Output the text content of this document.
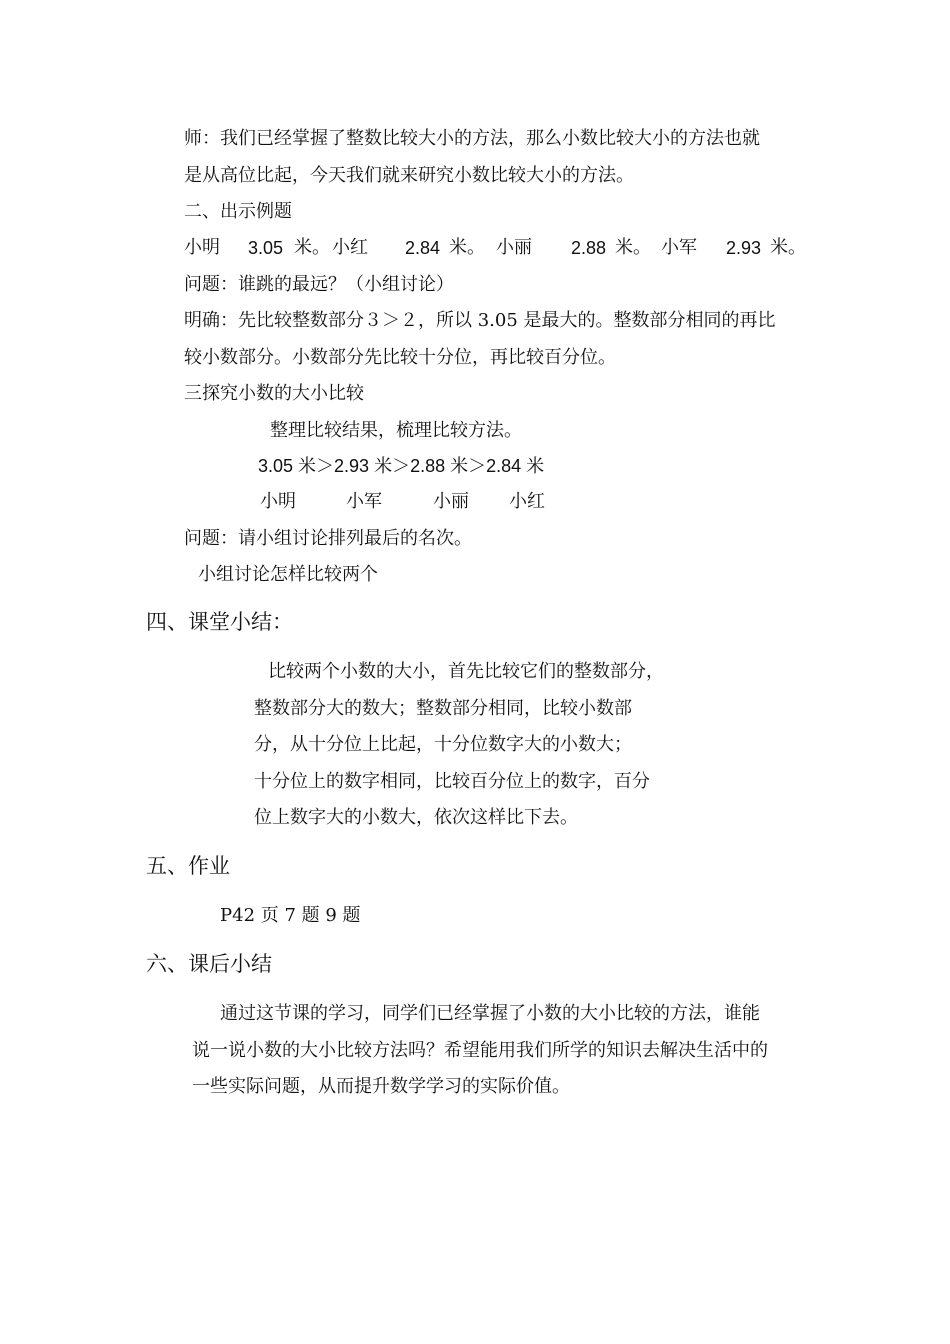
师：我们已经掌握了整数比较大小的方法，那么小数比较大小的方法也就
是从高位比起，今天我们就来研究小数比较大小的方法。
二、出示例题
小明 3.05 米。 小红 2.84 米。 小丽 2.88 米。 小军 2.93 米。
问题：谁跳的最远？（小组讨论）
明确：先比较整数部分３＞２，所以 3.05 是最大的。整数部分相同的再比
较小数部分。小数部分先比较十分位，再比较百分位。
三探究小数的大小比较
整理比较结果，梳理比较方法。
3.05 米＞2.93 米＞2.88 米＞2.84 米
小明	小军	小丽 小红
问题：请小组讨论排列最后的名次。
小组讨论怎样比较两个
四、课堂小结：
比较两个小数的大小，首先比较它们的整数部分，
整数部分大的数大；整数部分相同，比较小数部
分，从十分位上比起，十分位数字大的小数大；
十分位上的数字相同，比较百分位上的数字，百分
位上数字大的小数大，依次这样比下去。
五、作业
P42 页 7 题 9 题
六、课后小结
通过这节课的学习，同学们已经掌握了小数的大小比较的方法，谁能
说一说小数的大小比较方法吗？希望能用我们所学的知识去解决生活中的
一些实际问题，从而提升数学学习的实际价值。
